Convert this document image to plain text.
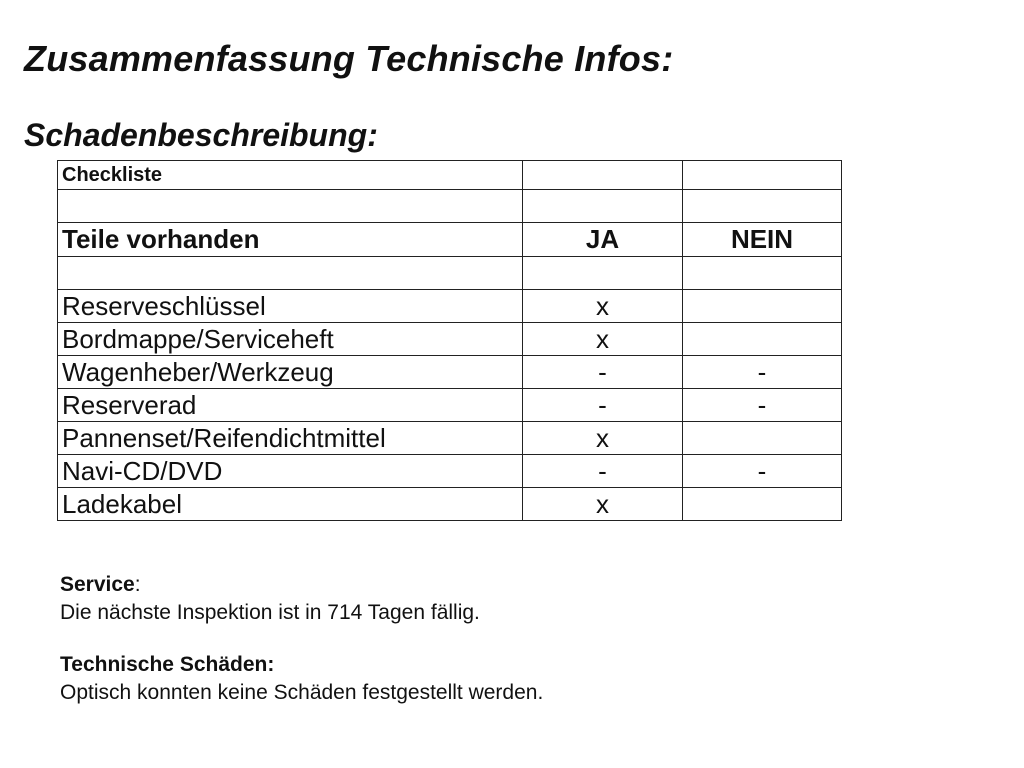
Zusammenfassung Technische Infos:
Schadenbeschreibung:
Checkliste		

Teile vorhanden	JA	NEIN

Reserveschlüssel	x	
Bordmappe/Serviceheft	x	
Wagenheber/Werkzeug	-	-
Reserverad	-	-
Pannenset/Reifendichtmittel	x	
Navi-CD/DVD	-	-
Ladekabel	x	
Service:
Die nächste Inspektion ist in 714 Tagen fällig.
Technische Schäden:
Optisch konnten keine Schäden festgestellt werden.
